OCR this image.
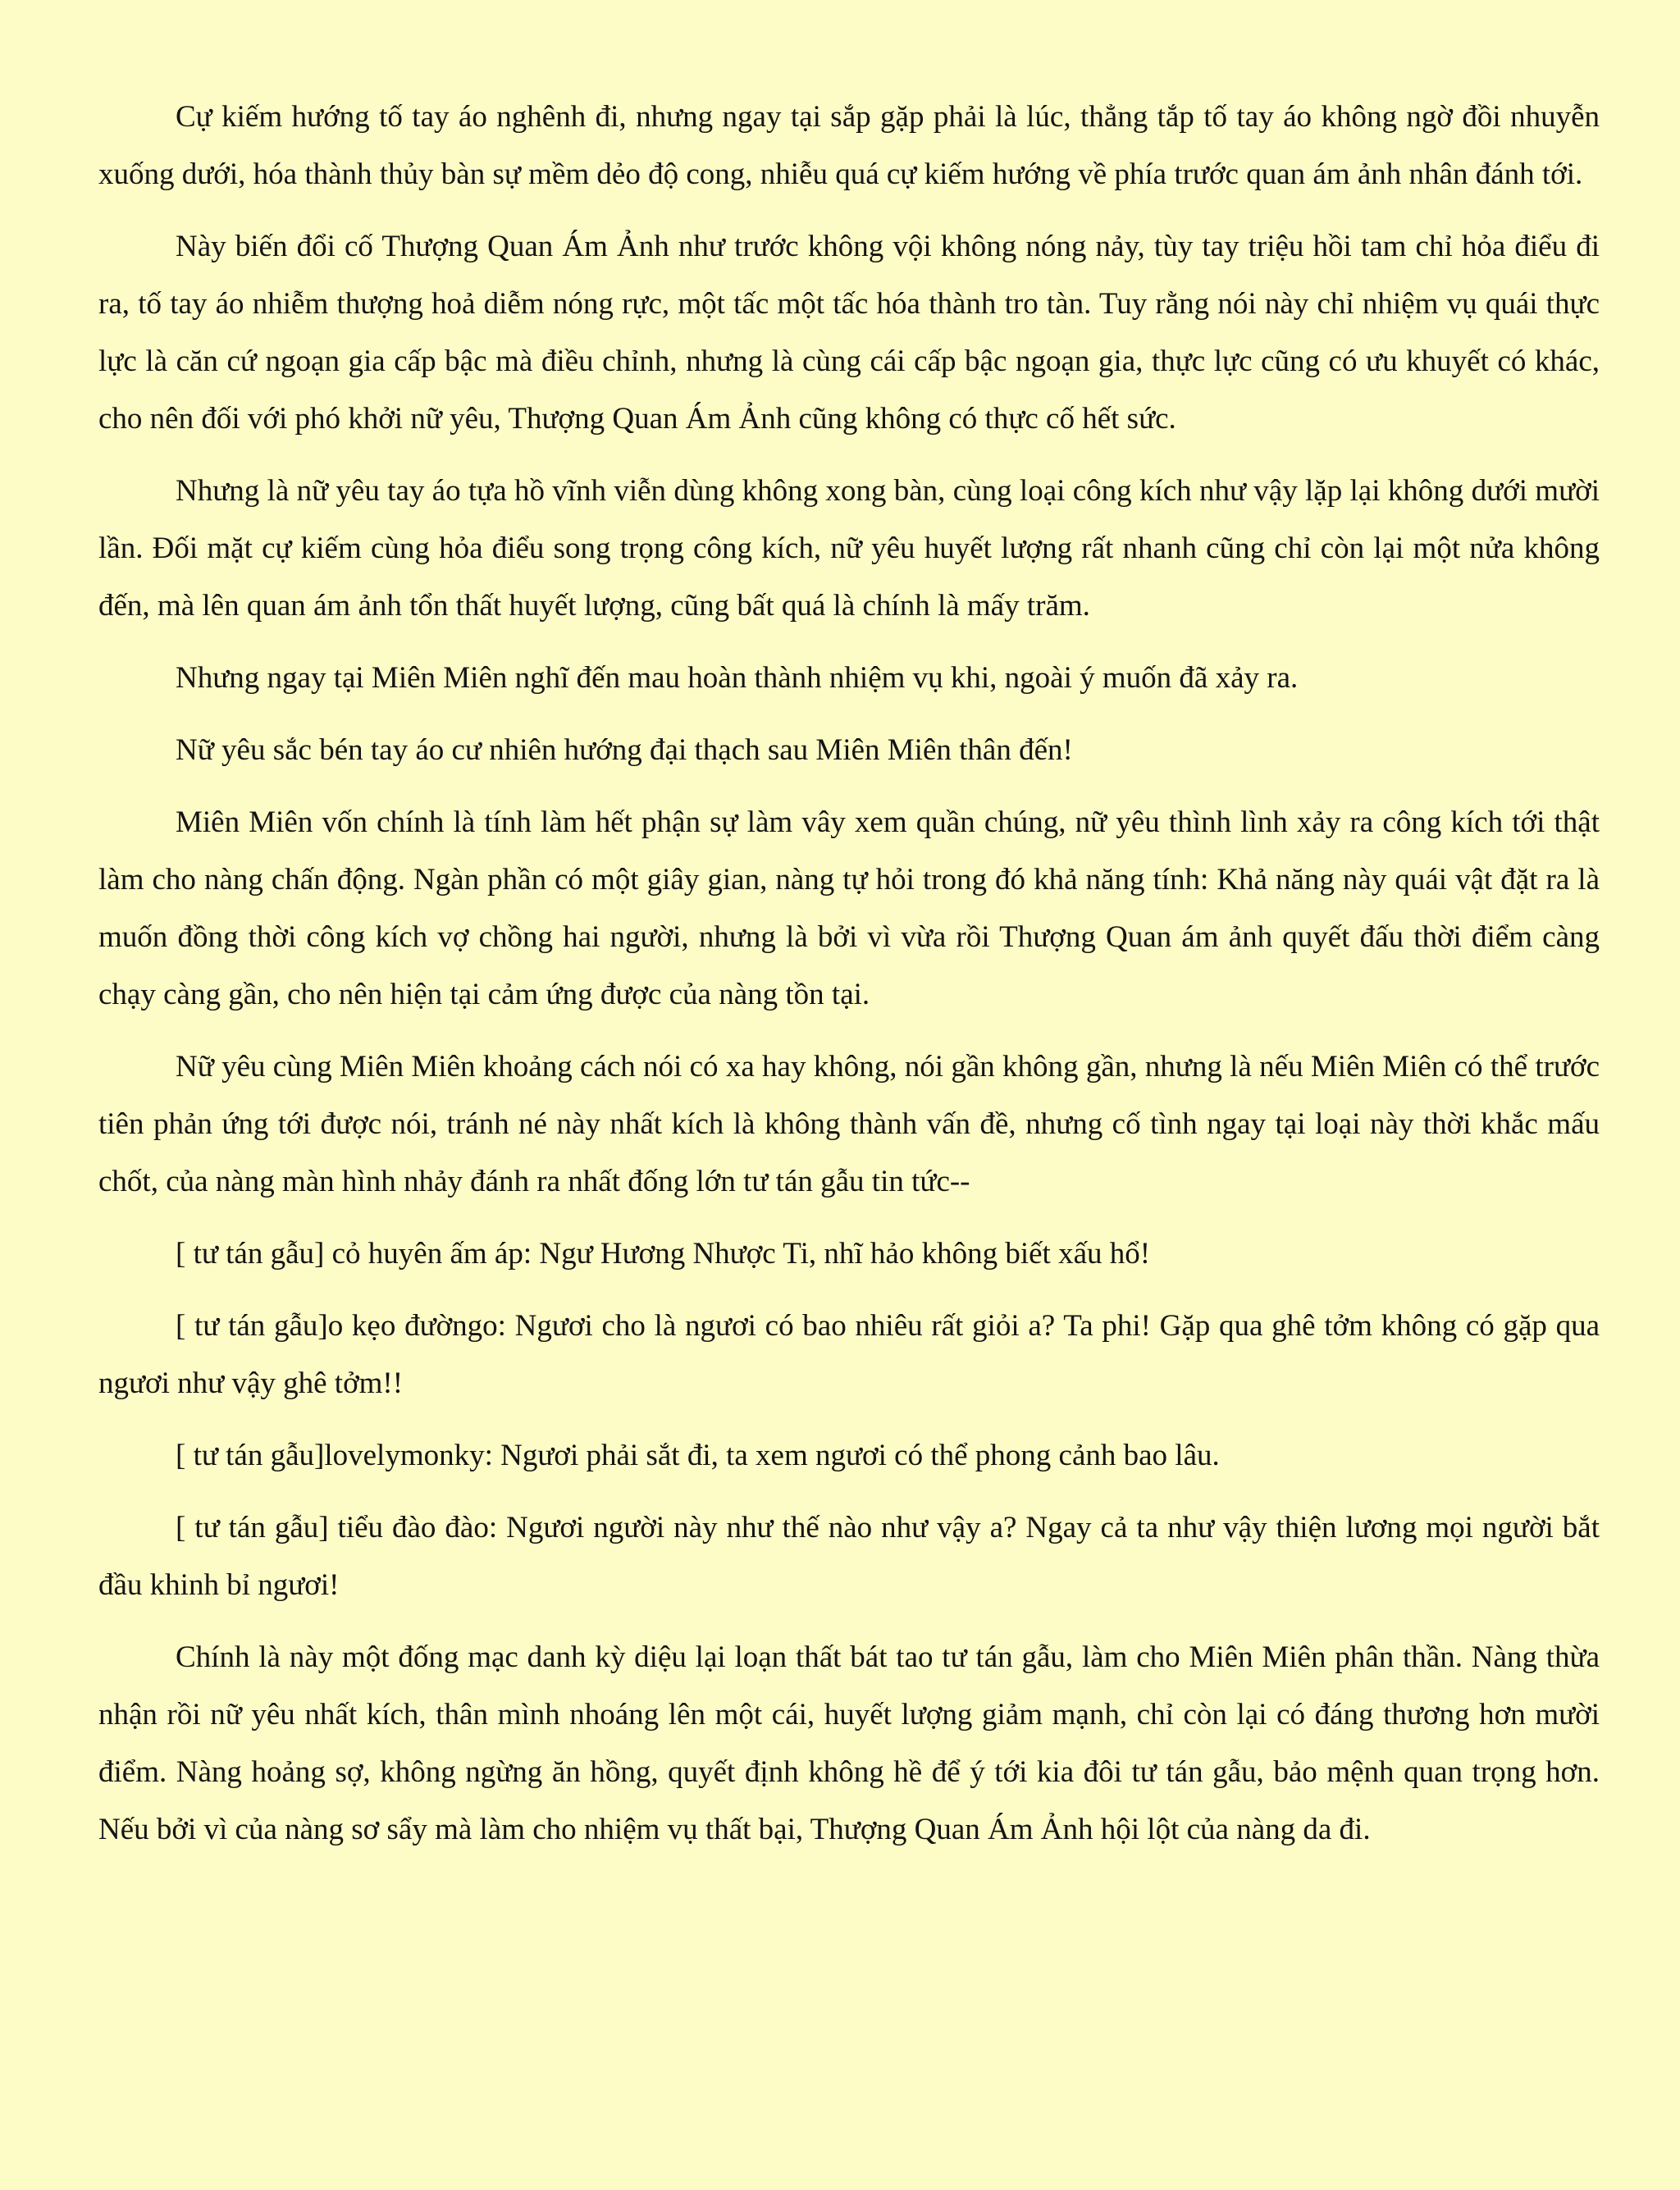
Cự kiếm hướng tố tay áo nghênh đi, nhưng ngay tại sắp gặp phải là lúc, thẳng tắp tố tay áo không ngờ đồi nhuyễn xuống dưới, hóa thành thủy bàn sự mềm dẻo độ cong, nhiễu quá cự kiếm hướng về phía trước quan ám ảnh nhân đánh tới.

Này biến đổi cố Thượng Quan Ám Ảnh như trước không vội không nóng nảy, tùy tay triệu hồi tam chỉ hỏa điểu đi ra, tố tay áo nhiễm thượng hoả diễm nóng rực, một tấc một tấc hóa thành tro tàn. Tuy rằng nói này chỉ nhiệm vụ quái thực lực là căn cứ ngoạn gia cấp bậc mà điều chỉnh, nhưng là cùng cái cấp bậc ngoạn gia, thực lực cũng có ưu khuyết có khác, cho nên đối với phó khởi nữ yêu, Thượng Quan Ám Ảnh cũng không có thực cố hết sức.

Nhưng là nữ yêu tay áo tựa hồ vĩnh viễn dùng không xong bàn, cùng loại công kích như vậy lặp lại không dưới mười lần. Đối mặt cự kiếm cùng hỏa điểu song trọng công kích, nữ yêu huyết lượng rất nhanh cũng chỉ còn lại một nửa không đến, mà lên quan ám ảnh tổn thất huyết lượng, cũng bất quá là chính là mấy trăm.

Nhưng ngay tại Miên Miên nghĩ đến mau hoàn thành nhiệm vụ khi, ngoài ý muốn đã xảy ra.

Nữ yêu sắc bén tay áo cư nhiên hướng đại thạch sau Miên Miên thân đến!

Miên Miên vốn chính là tính làm hết phận sự làm vây xem quần chúng, nữ yêu thình lình xảy ra công kích tới thật làm cho nàng chấn động. Ngàn phần có một giây gian, nàng tự hỏi trong đó khả năng tính: Khả năng này quái vật đặt ra là muốn đồng thời công kích vợ chồng hai người, nhưng là bởi vì vừa rồi Thượng Quan ám ảnh quyết đấu thời điểm càng chạy càng gần, cho nên hiện tại cảm ứng được của nàng tồn tại.

Nữ yêu cùng Miên Miên khoảng cách nói có xa hay không, nói gần không gần, nhưng là nếu Miên Miên có thể trước tiên phản ứng tới được nói, tránh né này nhất kích là không thành vấn đề, nhưng cố tình ngay tại loại này thời khắc mấu chốt, của nàng màn hình nhảy đánh ra nhất đống lớn tư tán gẫu tin tức--

[ tư tán gẫu] cỏ huyên ấm áp: Ngư Hương Nhược Ti, nhĩ hảo không biết xấu hổ!

[ tư tán gẫu]o kẹo đườngo: Ngươi cho là ngươi có bao nhiêu rất giỏi a? Ta phi! Gặp qua ghê tởm không có gặp qua ngươi như vậy ghê tởm!!

[ tư tán gẫu]lovelymonky: Ngươi phải sắt đi, ta xem ngươi có thể phong cảnh bao lâu.

[ tư tán gẫu] tiểu đào đào: Ngươi người này như thế nào như vậy a? Ngay cả ta như vậy thiện lương mọi người bắt đầu khinh bỉ ngươi!

Chính là này một đống mạc danh kỳ diệu lại loạn thất bát tao tư tán gẫu, làm cho Miên Miên phân thần. Nàng thừa nhận rồi nữ yêu nhất kích, thân mình nhoáng lên một cái, huyết lượng giảm mạnh, chỉ còn lại có đáng thương hơn mười điểm. Nàng hoảng sợ, không ngừng ăn hồng, quyết định không hề để ý tới kia đôi tư tán gẫu, bảo mệnh quan trọng hơn. Nếu bởi vì của nàng sơ sẩy mà làm cho nhiệm vụ thất bại, Thượng Quan Ám Ảnh hội lột của nàng da đi.
